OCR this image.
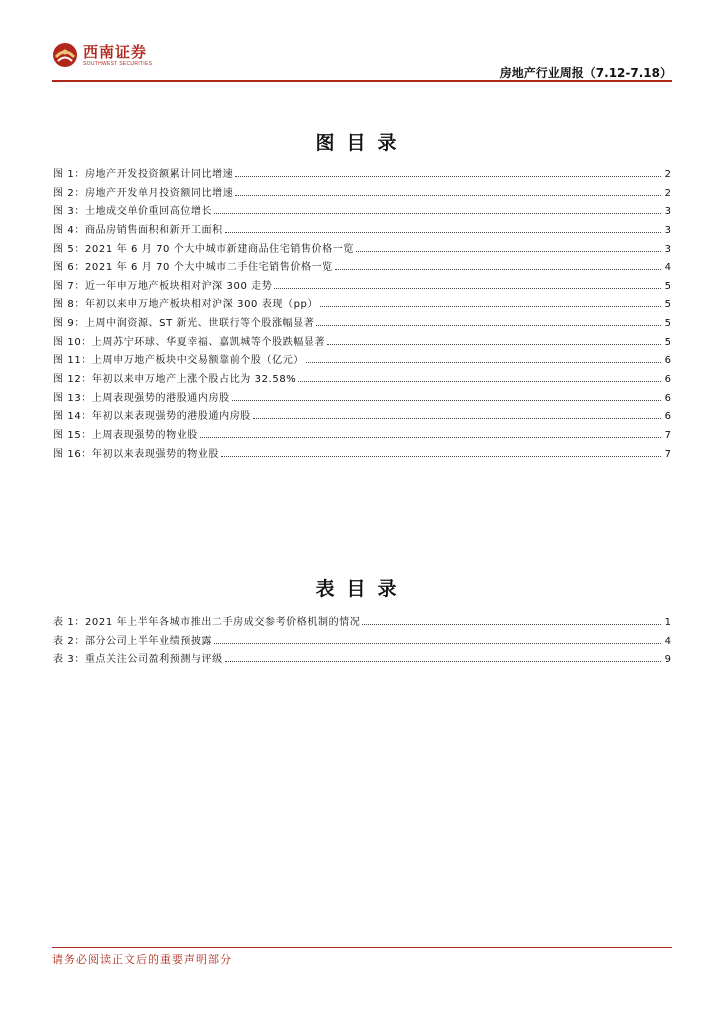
西南证券
SOUTHWEST SECURITIES
房地产行业周报（7.12-7.18）
图目录
图 1：房地产开发投资额累计同比增速	2
图 2：房地产开发单月投资额同比增速	2
图 3：土地成交单价重回高位增长	3
图 4：商品房销售面积和新开工面积	3
图 5：2021 年 6 月 70 个大中城市新建商品住宅销售价格一览	3
图 6：2021 年 6 月 70 个大中城市二手住宅销售价格一览	4
图 7：近一年申万地产板块相对沪深 300 走势	5
图 8：年初以来申万地产板块相对沪深 300 表现（pp）	5
图 9：上周中润资源、ST 新光、世联行等个股涨幅显著	5
图 10：上周苏宁环球、华夏幸福、嘉凯城等个股跌幅显著	5
图 11：上周申万地产板块中交易额靠前个股（亿元）	6
图 12：年初以来申万地产上涨个股占比为 32.58%	6
图 13：上周表现强势的港股通内房股	6
图 14：年初以来表现强势的港股通内房股	6
图 15：上周表现强势的物业股	7
图 16：年初以来表现强势的物业股	7
表目录
表 1：2021 年上半年各城市推出二手房成交参考价格机制的情况	1
表 2：部分公司上半年业绩预披露	4
表 3：重点关注公司盈利预测与评级	9
请务必阅读正文后的重要声明部分
